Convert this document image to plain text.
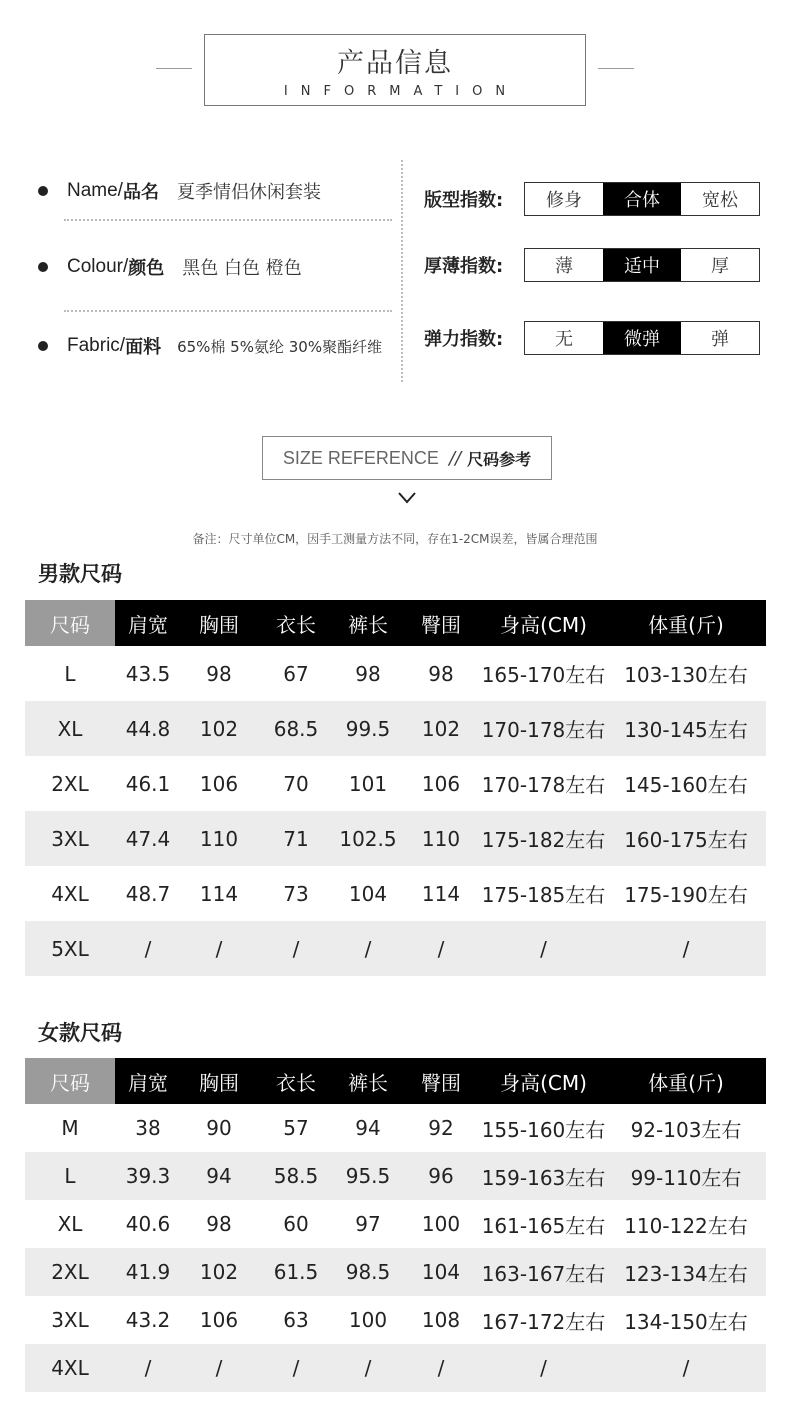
产品信息
INFORMATION
Name/ 品名 夏季情侣休闲套装
Colour/ 颜色 黑色 白色 橙色
Fabric/ 面料 65%棉 5%氨纶 30%聚酯纤维
版型指数:	修身	合体	宽松
厚薄指数:	薄	适中	厚
弹力指数:	无	微弹	弹
SIZE REFERENCE // 尺码参考
备注：尺寸单位CM，因手工测量方法不同，存在1-2CM误差，皆属合理范围
男款尺码
尺码	肩宽	胸围	衣长	裤长	臀围	身高(CM)	体重(斤)
L	43.5	98	67	98	98	165-170左右 103-130左右
XL	44.8	102	68.5	99.5	102	170-178左右 130-145左右
2XL	46.1	106	70	101	106	170-178左右 145-160左右
3XL	47.4	110	71	102.5	110	175-182左右 160-175左右
4XL	48.7	114	73	104	114	175-185左右 175-190左右
5XL	/	/	/	/	/	/	/
女款尺码
尺码	肩宽	胸围	衣长	裤长	臀围	身高(CM)	体重(斤)
M	38	90	57	94	92	155-160左右	92-103左右
L	39.3	94	58.5	95.5	96	159-163左右	99-110左右
XL	40.6	98	60	97	100	161-165左右 110-122左右
2XL	41.9	102	61.5	98.5	104	163-167左右 123-134左右
3XL	43.2	106	63	100	108	167-172左右 134-150左右
4XL	/	/	/	/	/	/	/
